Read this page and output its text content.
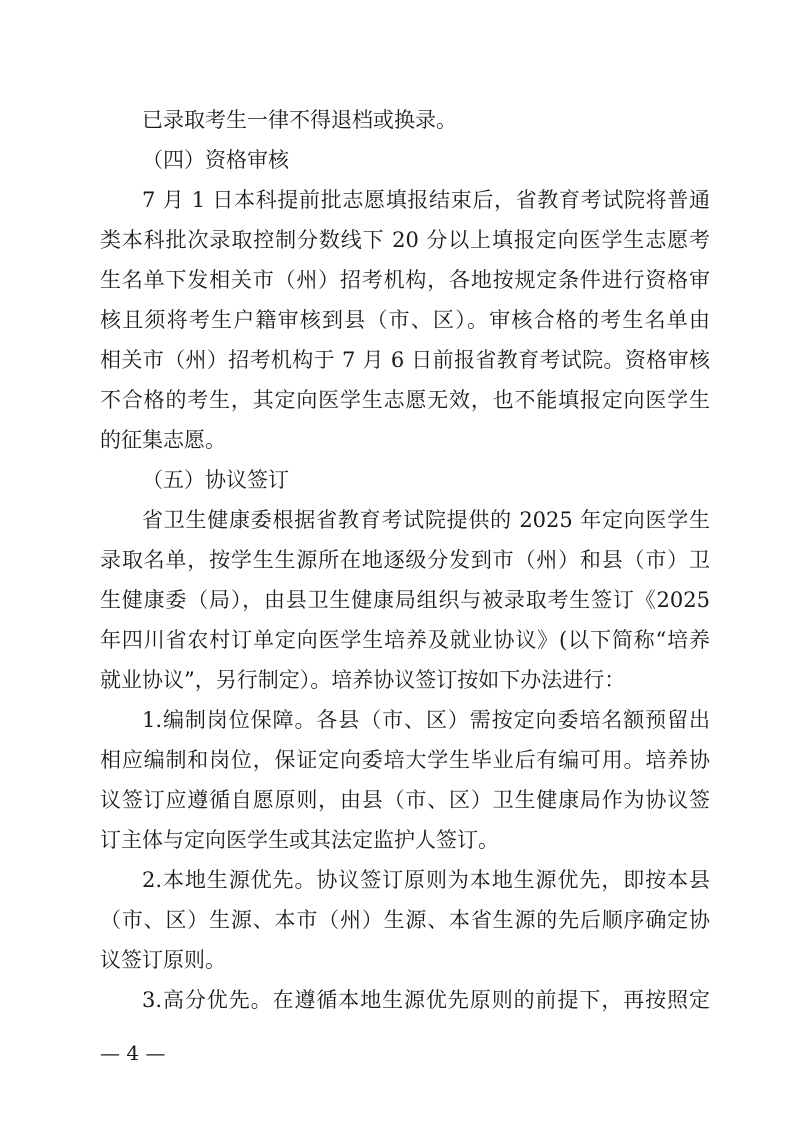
已录取考生一律不得退档或换录。
（四）资格审核
7 月 1 日本科提前批志愿填报结束后，省教育考试院将普通
类本科批次录取控制分数线下 20 分以上填报定向医学生志愿考
生名单下发相关市（州）招考机构，各地按规定条件进行资格审
核且须将考生户籍审核到县（市、区）。审核合格的考生名单由
相关市（州）招考机构于 7 月 6 日前报省教育考试院。资格审核
不合格的考生，其定向医学生志愿无效，也不能填报定向医学生
的征集志愿。
（五）协议签订
省卫生健康委根据省教育考试院提供的 2025 年定向医学生
录取名单，按学生生源所在地逐级分发到市（州）和县（市）卫
生健康委（局），由县卫生健康局组织与被录取考生签订《2025
年四川省农村订单定向医学生培养及就业协议》(以下简称“培养
就业协议”，另行制定）。培养协议签订按如下办法进行：
1.编制岗位保障。各县（市、区）需按定向委培名额预留出
相应编制和岗位，保证定向委培大学生毕业后有编可用。培养协
议签订应遵循自愿原则，由县（市、区）卫生健康局作为协议签
订主体与定向医学生或其法定监护人签订。
2.本地生源优先。协议签订原则为本地生源优先，即按本县
（市、区）生源、本市（州）生源、本省生源的先后顺序确定协
议签订原则。
3.高分优先。在遵循本地生源优先原则的前提下，再按照定
— 4 —
